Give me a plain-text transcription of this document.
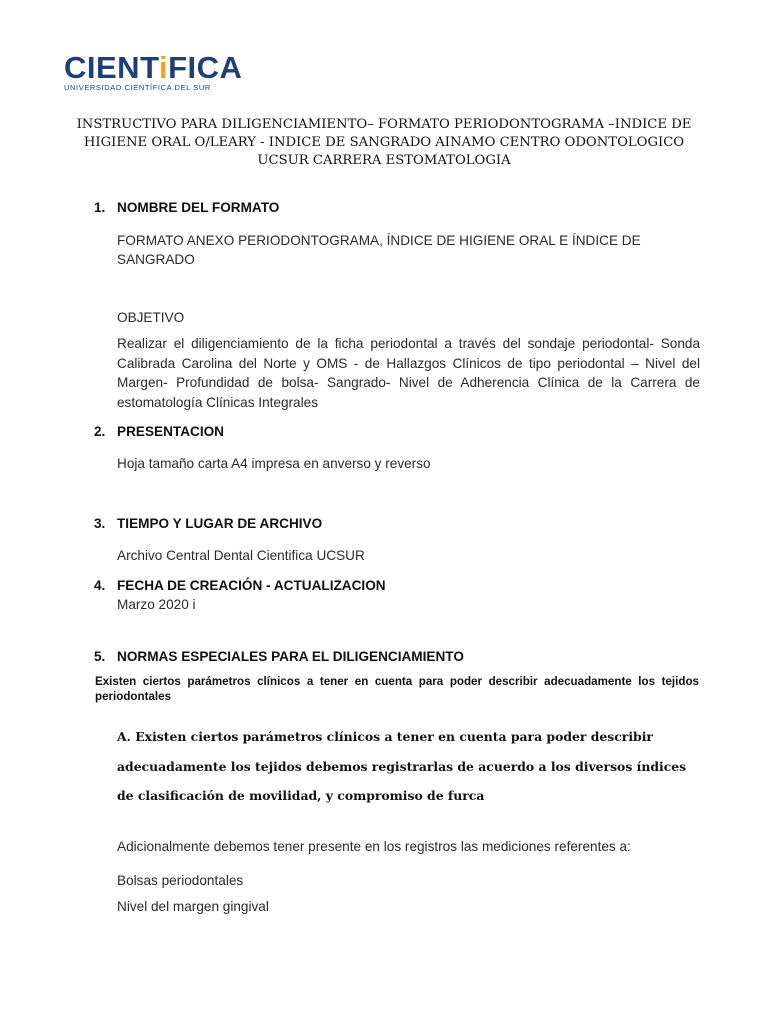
CIENTiFICA
UNIVERSIDAD CIENTÍFICA DEL SUR
INSTRUCTIVO PARA DILIGENCIAMIENTO– FORMATO PERIODONTOGRAMA –INDICE DE
HIGIENE ORAL O/LEARY - INDICE DE SANGRADO AINAMO CENTRO ODONTOLOGICO
UCSUR CARRERA ESTOMATOLOGIA
1. NOMBRE DEL FORMATO
FORMATO ANEXO PERIODONTOGRAMA, ÍNDICE DE HIGIENE ORAL E ÍNDICE DE SANGRADO
OBJETIVO
Realizar el diligenciamiento de la ficha periodontal a través del sondaje periodontal- Sonda Calibrada Carolina del Norte y OMS - de Hallazgos Clínicos de tipo periodontal – Nivel del Margen- Profundidad de bolsa- Sangrado- Nivel de Adherencia Clínica de la Carrera de estomatología Clínicas Integrales
2. PRESENTACION
Hoja tamaño carta A4 impresa en anverso y reverso
3. TIEMPO Y LUGAR DE ARCHIVO
Archivo Central Dental Cientifica UCSUR
4. FECHA DE CREACIÓN - ACTUALIZACION
Marzo 2020 i
5. NORMAS ESPECIALES PARA EL DILIGENCIAMIENTO
Existen ciertos parámetros clínicos a tener en cuenta para poder describir adecuadamente los tejidos periodontales
A. Existen ciertos parámetros clínicos a tener en cuenta para poder describir adecuadamente los tejidos debemos registrarlas de acuerdo a los diversos índices de clasificación de movilidad, y compromiso de furca
Adicionalmente debemos tener presente en los registros las mediciones referentes a:
Bolsas periodontales
Nivel del margen gingival
